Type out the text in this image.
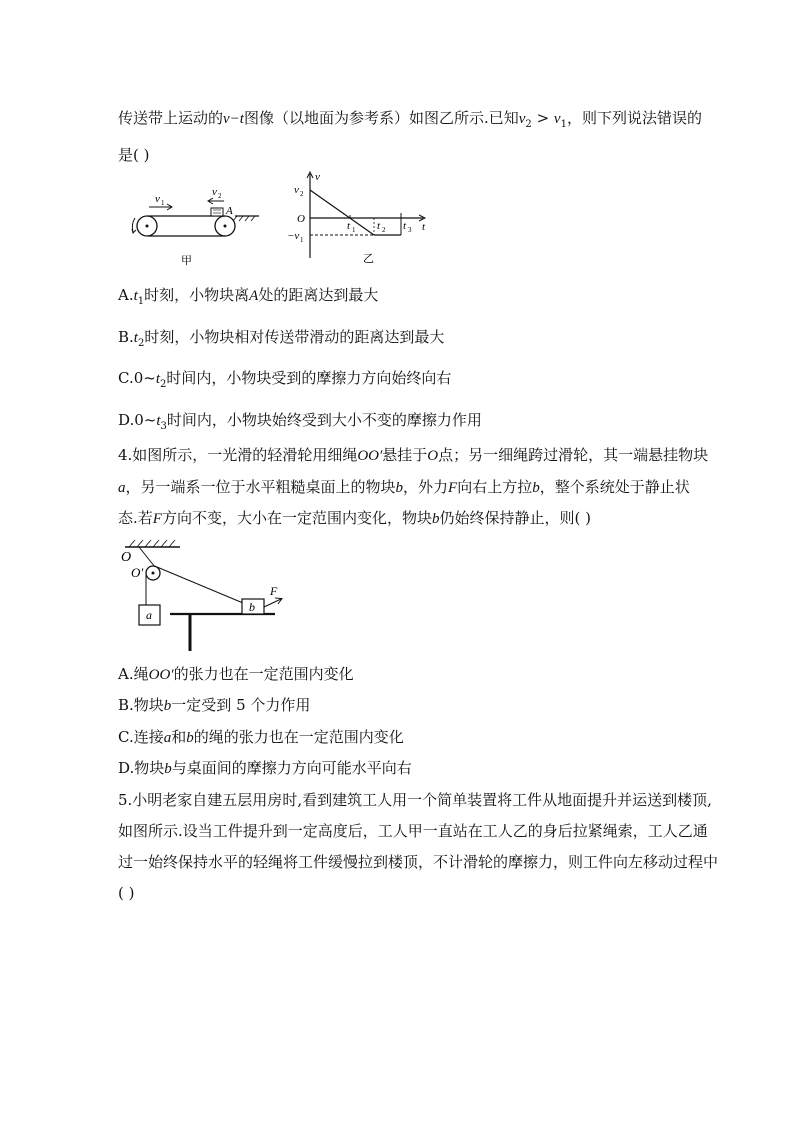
传送带上运动的v−t图像（以地面为参考系）如图乙所示.已知$v_2 > v_1$，则下列说法错误的
是( )
v 1
v 2
A
甲
v
t
v 2
O
−v 1
t 1 t 2 t 3
乙
$A.t_1$时刻，小物块离A处的距离达到最大
$B.t_2$时刻，小物块相对传送带滑动的距离达到最大
$C.0\sim t_2$时间内，小物块受到的摩擦力方向始终向右
$D.0\sim t_3$时间内，小物块始终受到大小不变的摩擦力作用
4.如图所示，一光滑的轻滑轮用细绳OO′悬挂于O点；另一细绳跨过滑轮，其一端悬挂物块
a，另一端系一位于水平粗糙桌面上的物块b，外力F向右上方拉b，整个系统处于静止状
态.若F方向不变，大小在一定范围内变化，物块b仍始终保持静止，则( )
O
O′
a
b
F
A.绳OO′的张力也在一定范围内变化
B.物块b一定受到 5 个力作用
C.连接a和b的绳的张力也在一定范围内变化
D.物块b与桌面间的摩擦力方向可能水平向右
5.小明老家自建五层用房时,看到建筑工人用一个简单装置将工件从地面提升并运送到楼顶,
如图所示.设当工件提升到一定高度后，工人甲一直站在工人乙的身后拉紧绳索，工人乙通
过一始终保持水平的轻绳将工件缓慢拉到楼顶，不计滑轮的摩擦力，则工件向左移动过程中
( )
